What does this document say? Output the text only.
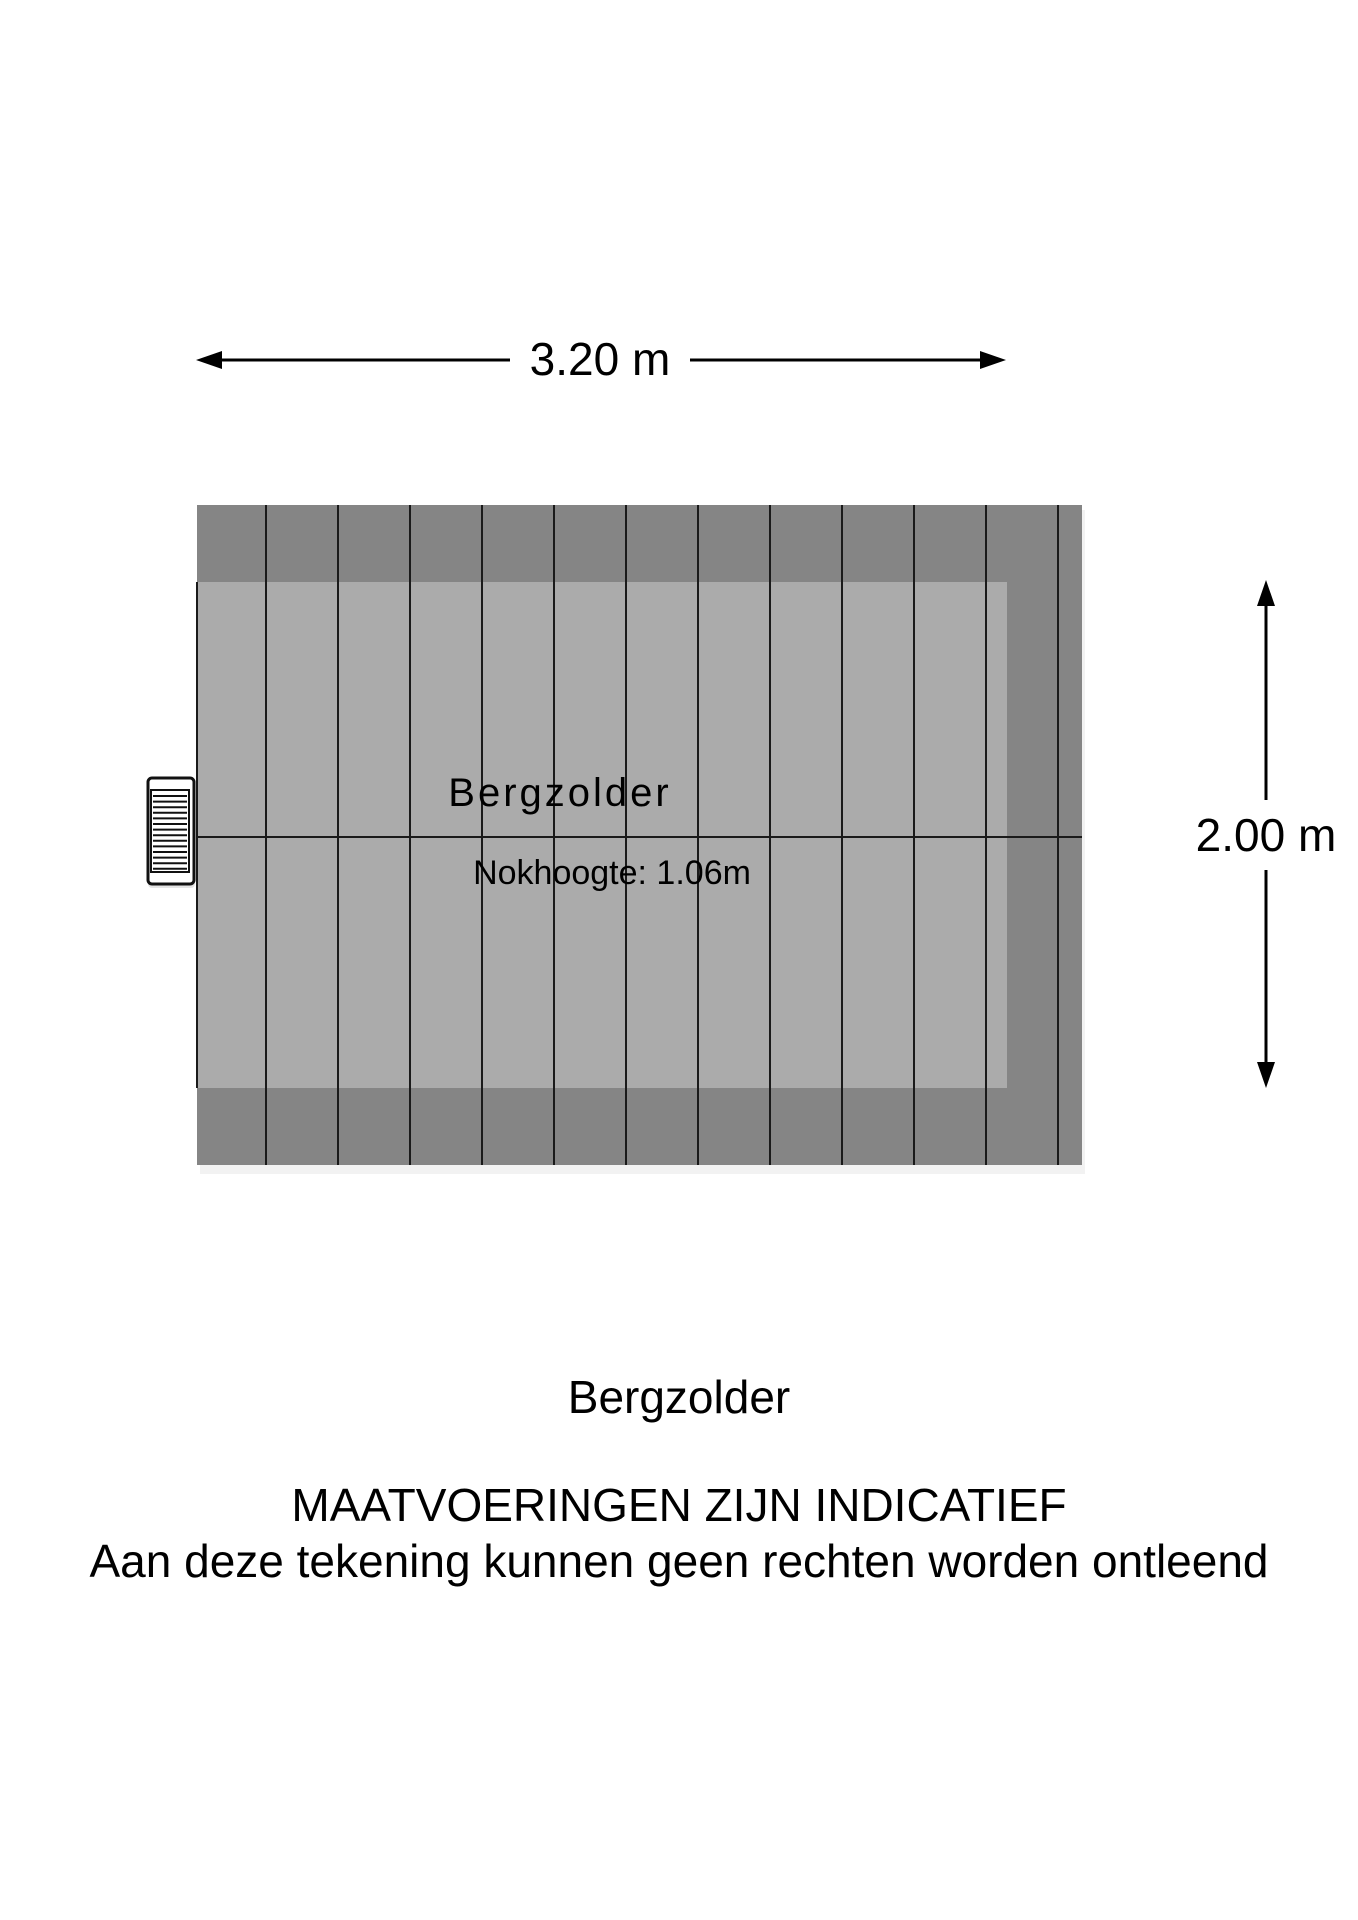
3.20 m
2.00 m
Bergzolder
Nokhoogte: 1.06m

Bergzolder

MAATVOERINGEN ZIJN INDICATIEF

Aan deze tekening kunnen geen rechten worden ontleend
